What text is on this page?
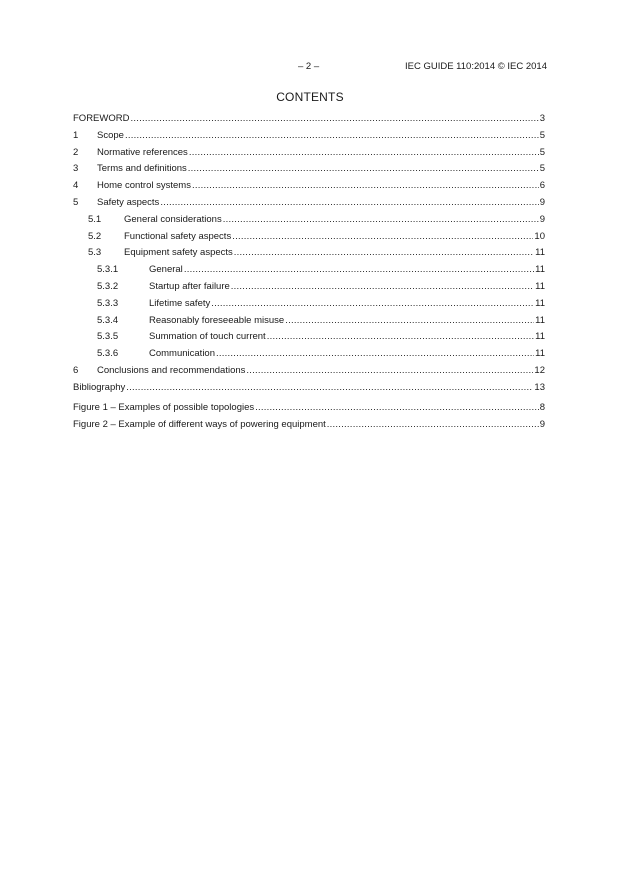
– 2 –	IEC GUIDE 110:2014 © IEC 2014
CONTENTS
FOREWORD . . .	3
1	Scope . . .	5
2	Normative references . . .	5
3	Terms and definitions . . .	5
4	Home control systems . . .	6
5	Safety aspects . . .	9
5.1	General considerations . . .	9
5.2	Functional safety aspects . . .	10
5.3	Equipment safety aspects . . .	11
5.3.1	General . . .	11
5.3.2	Startup after failure . . .	11
5.3.3	Lifetime safety . . .	11
5.3.4	Reasonably foreseeable misuse . . .	11
5.3.5	Summation of touch current . . .	11
5.3.6	Communication . . .	11
6	Conclusions and recommendations . . .	12
Bibliography . . .	13
Figure 1 – Examples of possible topologies . . .	8
Figure 2 – Example of different ways of powering equipment . . .	9
